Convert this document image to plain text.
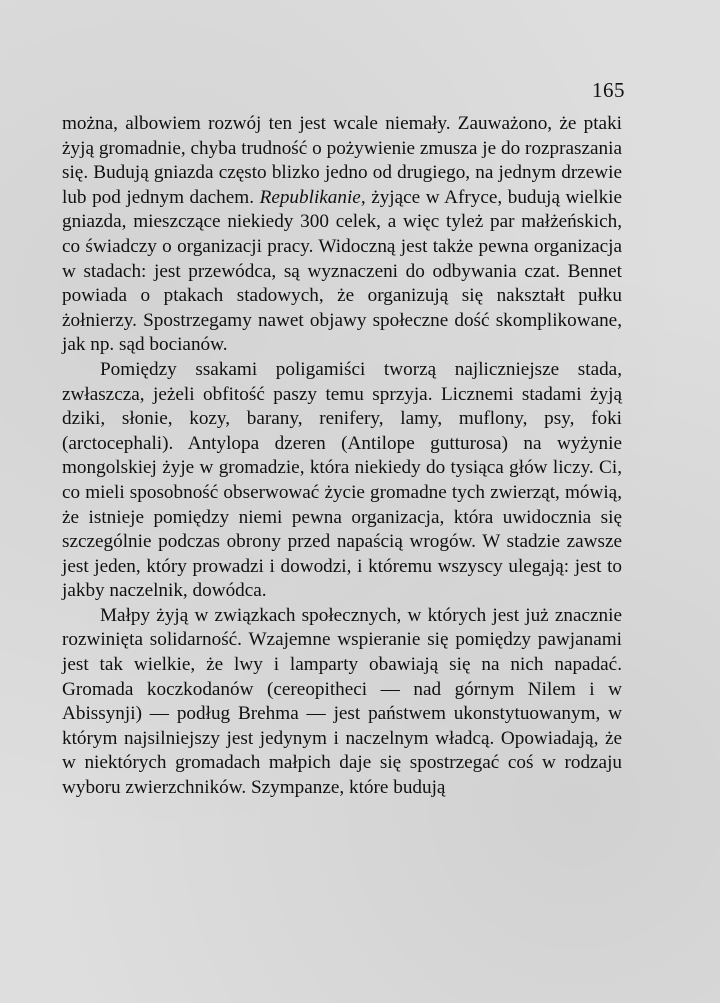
165

można, albowiem rozwój ten jest wcale niemały. Zauważono, że ptaki żyją gromadnie, chyba trudność o pożywienie zmusza je do rozpraszania się. Budują gniazda często blizko jedno od drugiego, na jednym drzewie lub pod jednym dachem. Republikanie, żyjące w Afryce, budują wielkie gniazda, mieszczące niekiedy 300 celek, a więc tyleż par małżeńskich, co świadczy o organizacji pracy. Widoczną jest także pewna organizacja w stadach: jest przewódca, są wyznaczeni do odbywania czat. Bennet powiada o ptakach stadowych, że organizują się nakształt pułku żołnierzy. Spostrzegamy nawet objawy społeczne dość skomplikowane, jak np. sąd bocianów.

Pomiędzy ssakami poligamiści tworzą najliczniejsze stada, zwłaszcza, jeżeli obfitość paszy temu sprzyja. Licznemi stadami żyją dziki, słonie, kozy, barany, renifery, lamy, muflony, psy, foki (arctocephali). Antylopa dzeren (Antilope gutturosa) na wyżynie mongolskiej żyje w gromadzie, która niekiedy do tysiąca głów liczy. Ci, co mieli sposobność obserwować życie gromadne tych zwierząt, mówią, że istnieje pomiędzy niemi pewna organizacja, która uwidocznia się szczególnie podczas obrony przed napaścią wrogów. W stadzie zawsze jest jeden, który prowadzi i dowodzi, i któremu wszyscy ulegają: jest to jakby naczelnik, dowódca.

Małpy żyją w związkach społecznych, w których jest już znacznie rozwinięta solidarność. Wzajemne wspieranie się pomiędzy pawjanami jest tak wielkie, że lwy i lamparty obawiają się na nich napadać. Gromada koczkodanów (cereopitheci — nad górnym Nilem i w Abissynji) — podług Brehma — jest państwem ukonstytuowanym, w którym najsilniejszy jest jedynym i naczelnym władcą. Opowiadają, że w niektórych gromadach małpich daje się spostrzegać coś w rodzaju wyboru zwierzchników. Szympanze, które budują
